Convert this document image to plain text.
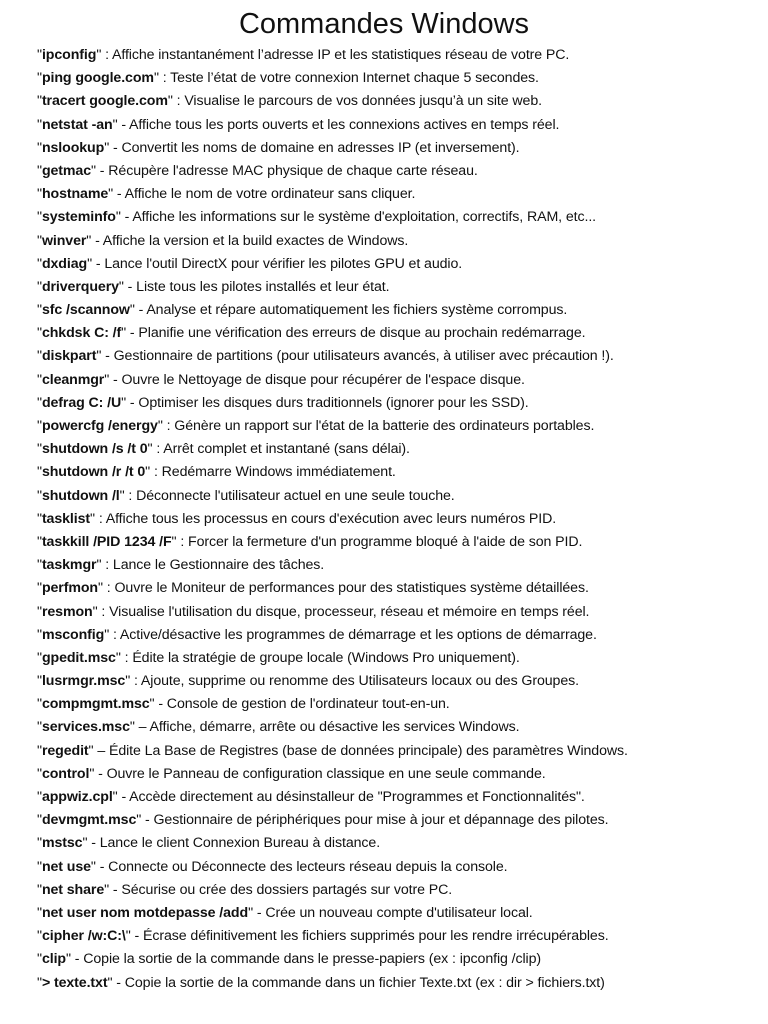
Commandes Windows
"ipconfig" : Affiche instantanément l’adresse IP et les statistiques réseau de votre PC.
"ping google.com" : Teste l’état de votre connexion Internet chaque 5 secondes.
"tracert google.com" : Visualise le parcours de vos données jusqu’à un site web.
"netstat -an" - Affiche tous les ports ouverts et les connexions actives en temps réel.
"nslookup" - Convertit les noms de domaine en adresses IP (et inversement).
"getmac" - Récupère l'adresse MAC physique de chaque carte réseau.
"hostname" - Affiche le nom de votre ordinateur sans cliquer.
"systeminfo" - Affiche les informations sur le système d'exploitation, correctifs, RAM, etc...
"winver" - Affiche la version et la build exactes de Windows.
"dxdiag" - Lance l'outil DirectX pour vérifier les pilotes GPU et audio.
"driverquery" - Liste tous les pilotes installés et leur état.
"sfc /scannow" - Analyse et répare automatiquement les fichiers système corrompus.
"chkdsk C: /f" - Planifie une vérification des erreurs de disque au prochain redémarrage.
"diskpart" - Gestionnaire de partitions (pour utilisateurs avancés, à utiliser avec précaution !).
"cleanmgr" - Ouvre le Nettoyage de disque pour récupérer de l'espace disque.
"defrag C: /U" - Optimiser les disques durs traditionnels (ignorer pour les SSD).
"powercfg /energy" : Génère un rapport sur l'état de la batterie des ordinateurs portables.
"shutdown /s /t 0" : Arrêt complet et instantané (sans délai).
"shutdown /r /t 0" : Redémarre Windows immédiatement.
"shutdown /l" : Déconnecte l'utilisateur actuel en une seule touche.
"tasklist" : Affiche tous les processus en cours d'exécution avec leurs numéros PID.
"taskkill /PID 1234 /F" : Forcer la fermeture d'un programme bloqué à l'aide de son PID.
"taskmgr" : Lance le Gestionnaire des tâches.
"perfmon" : Ouvre le Moniteur de performances pour des statistiques système détaillées.
"resmon" : Visualise l'utilisation du disque, processeur, réseau et mémoire en temps réel.
"msconfig" : Active/désactive les programmes de démarrage et les options de démarrage.
"gpedit.msc" : Édite la stratégie de groupe locale (Windows Pro uniquement).
"lusrmgr.msc" : Ajoute, supprime ou renomme des Utilisateurs locaux ou des Groupes.
"compmgmt.msc" - Console de gestion de l'ordinateur tout-en-un.
"services.msc" – Affiche, démarre, arrête ou désactive les services Windows.
"regedit" – Édite La Base de Registres (base de données principale) des paramètres Windows.
"control" - Ouvre le Panneau de configuration classique en une seule commande.
"appwiz.cpl" - Accède directement au désinstalleur de "Programmes et Fonctionnalités".
"devmgmt.msc" - Gestionnaire de périphériques pour mise à jour et dépannage des pilotes.
"mstsc" - Lance le client Connexion Bureau à distance.
"net use" - Connecte ou Déconnecte des lecteurs réseau depuis la console.
"net share" - Sécurise ou crée des dossiers partagés sur votre PC.
"net user nom motdepasse /add" - Crée un nouveau compte d'utilisateur local.
"cipher /w:C:\" - Écrase définitivement les fichiers supprimés pour les rendre irrécupérables.
"clip" - Copie la sortie de la commande dans le presse-papiers (ex : ipconfig /clip)
"> texte.txt" - Copie la sortie de la commande dans un fichier Texte.txt (ex : dir > fichiers.txt)
